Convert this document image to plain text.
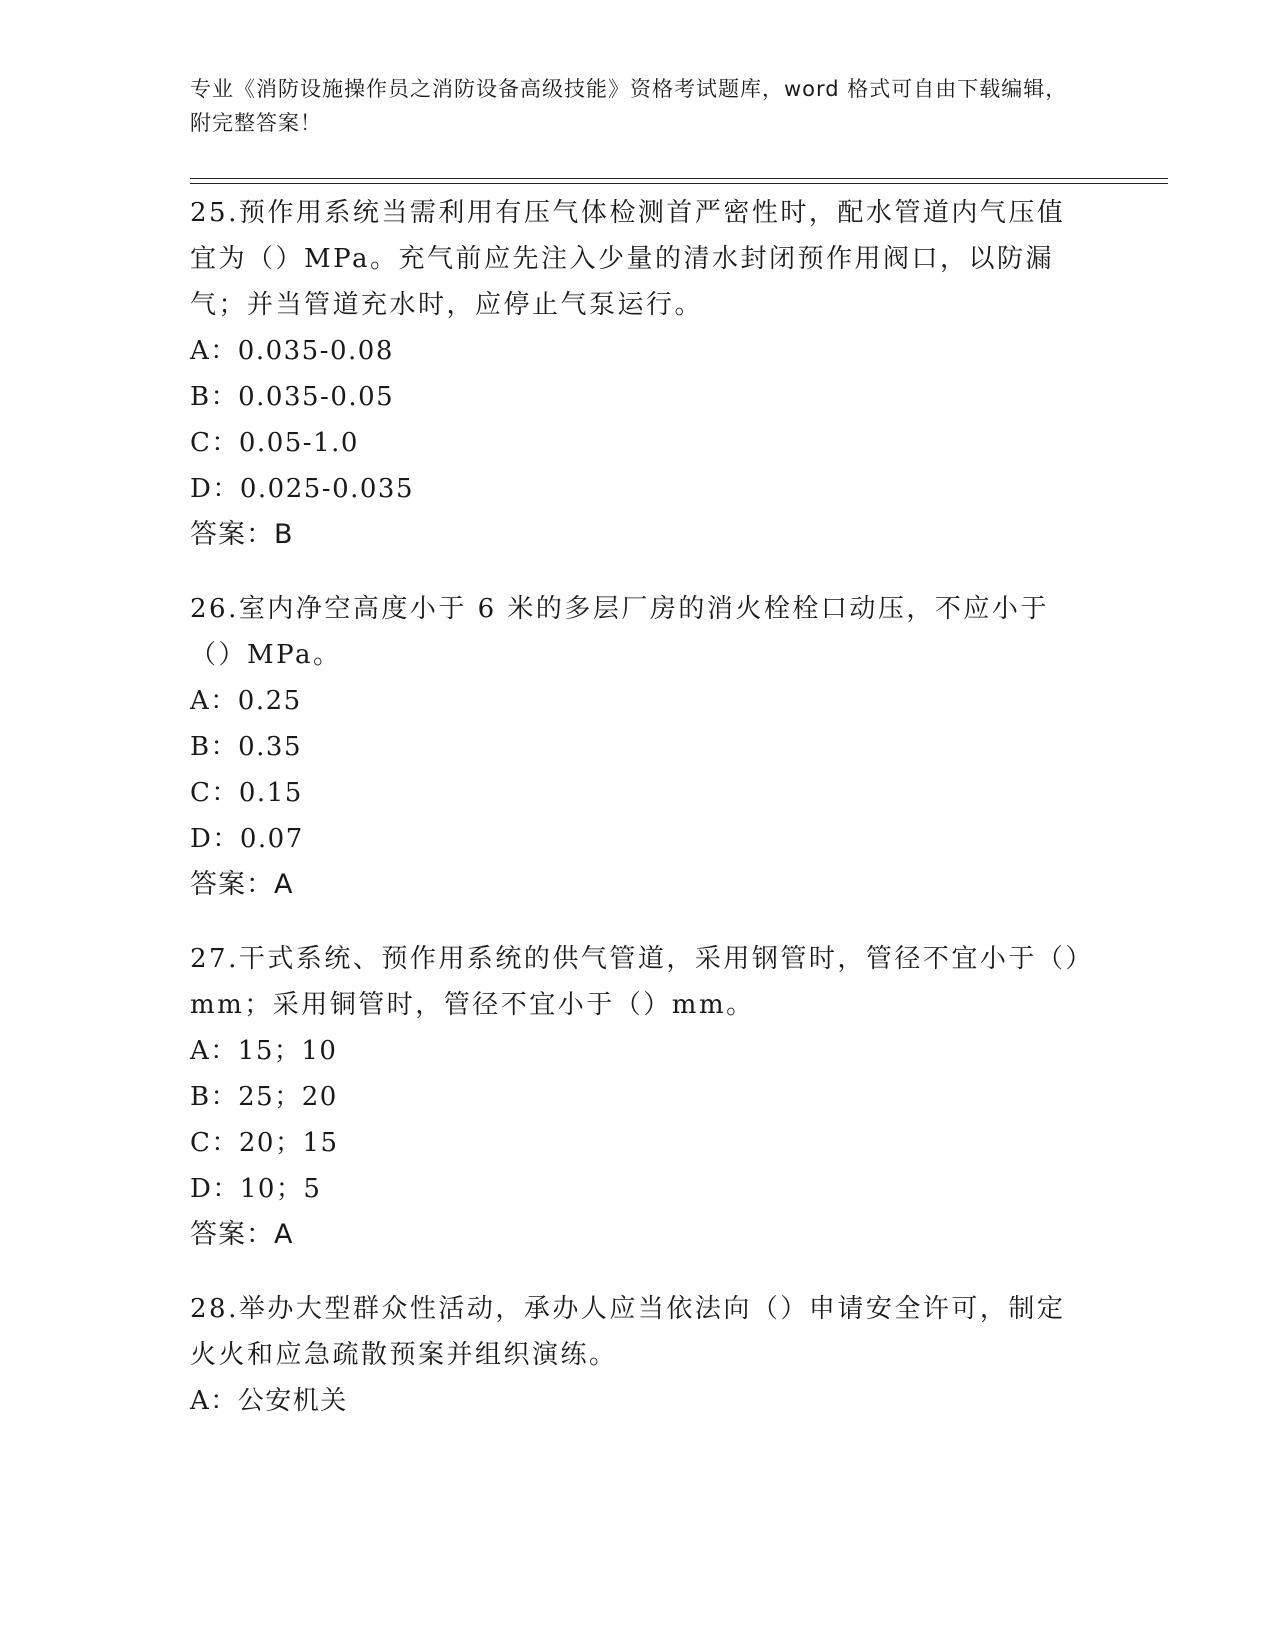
专业《消防设施操作员之消防设备高级技能》资格考试题库，word 格式可自由下载编辑，附完整答案！

25.预作用系统当需利用有压气体检测首严密性时，配水管道内气压值宜为（）MPa。充气前应先注入少量的清水封闭预作用阀口，以防漏气；并当管道充水时，应停止气泵运行。

A：0.035-0.08

B：0.035-0.05

C：0.05-1.0

D：0.025-0.035

答案：B

26.室内净空高度小于 6 米的多层厂房的消火栓栓口动压，不应小于（）MPa。

A：0.25

B：0.35

C：0.15

D：0.07

答案：A

27.干式系统、预作用系统的供气管道，采用钢管时，管径不宜小于（）mm；采用铜管时，管径不宜小于（）mm。

A：15；10

B：25；20

C：20；15

D：10；5

答案：A

28.举办大型群众性活动，承办人应当依法向（）申请安全许可，制定火火和应急疏散预案并组织演练。

A：公安机关
